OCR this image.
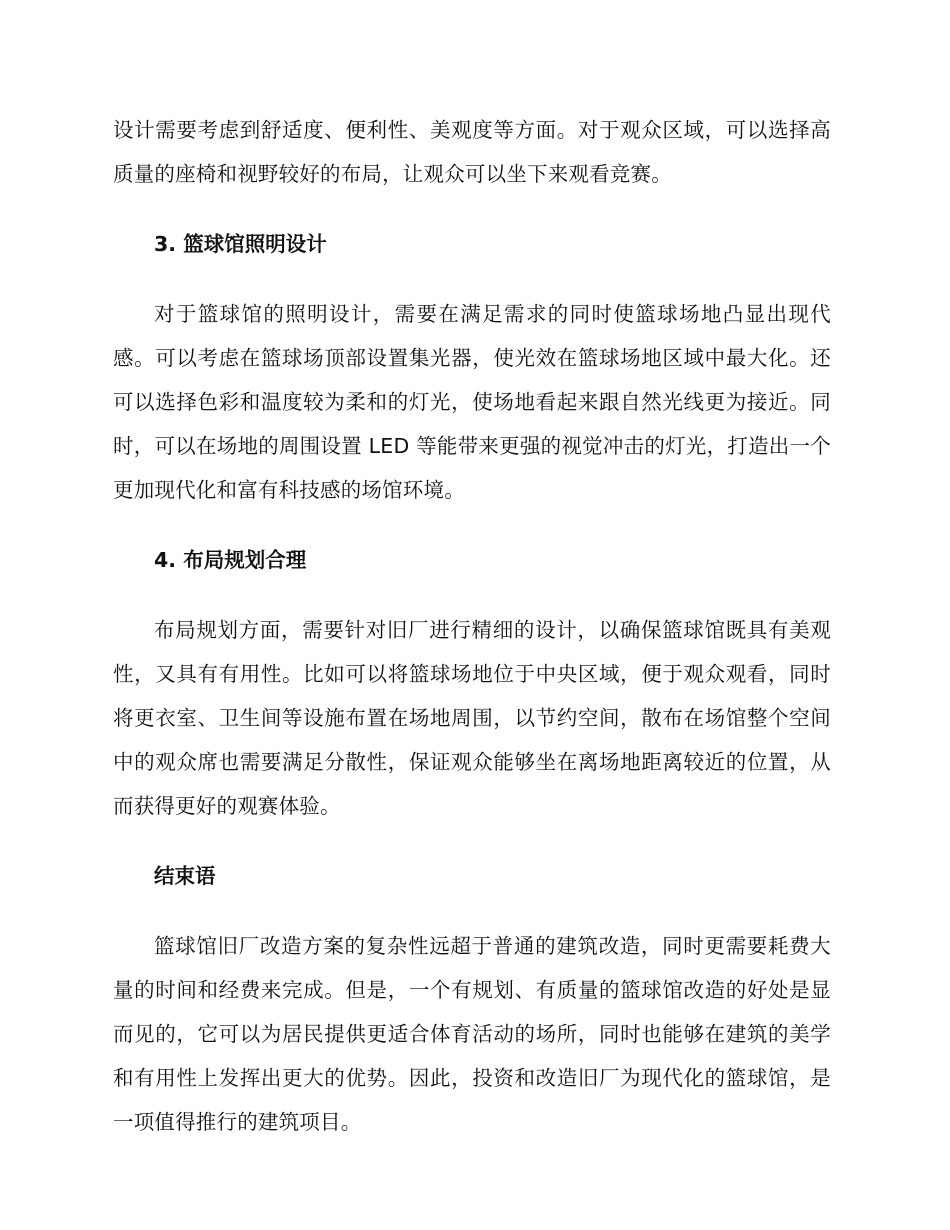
设计需要考虑到舒适度、便利性、美观度等方面。对于观众区域，可以选择高质量的座椅和视野较好的布局，让观众可以坐下来观看竞赛。

3. 篮球馆照明设计

对于篮球馆的照明设计，需要在满足需求的同时使篮球场地凸显出现代感。可以考虑在篮球场顶部设置集光器，使光效在篮球场地区域中最大化。还可以选择色彩和温度较为柔和的灯光，使场地看起来跟自然光线更为接近。同时，可以在场地的周围设置 LED 等能带来更强的视觉冲击的灯光，打造出一个更加现代化和富有科技感的场馆环境。

4. 布局规划合理

布局规划方面，需要针对旧厂进行精细的设计，以确保篮球馆既具有美观性，又具有有用性。比如可以将篮球场地位于中央区域，便于观众观看，同时将更衣室、卫生间等设施布置在场地周围，以节约空间，散布在场馆整个空间中的观众席也需要满足分散性，保证观众能够坐在离场地距离较近的位置，从而获得更好的观赛体验。

结束语

篮球馆旧厂改造方案的复杂性远超于普通的建筑改造，同时更需要耗费大量的时间和经费来完成。但是，一个有规划、有质量的篮球馆改造的好处是显而见的，它可以为居民提供更适合体育活动的场所，同时也能够在建筑的美学和有用性上发挥出更大的优势。因此，投资和改造旧厂为现代化的篮球馆，是一项值得推行的建筑项目。
